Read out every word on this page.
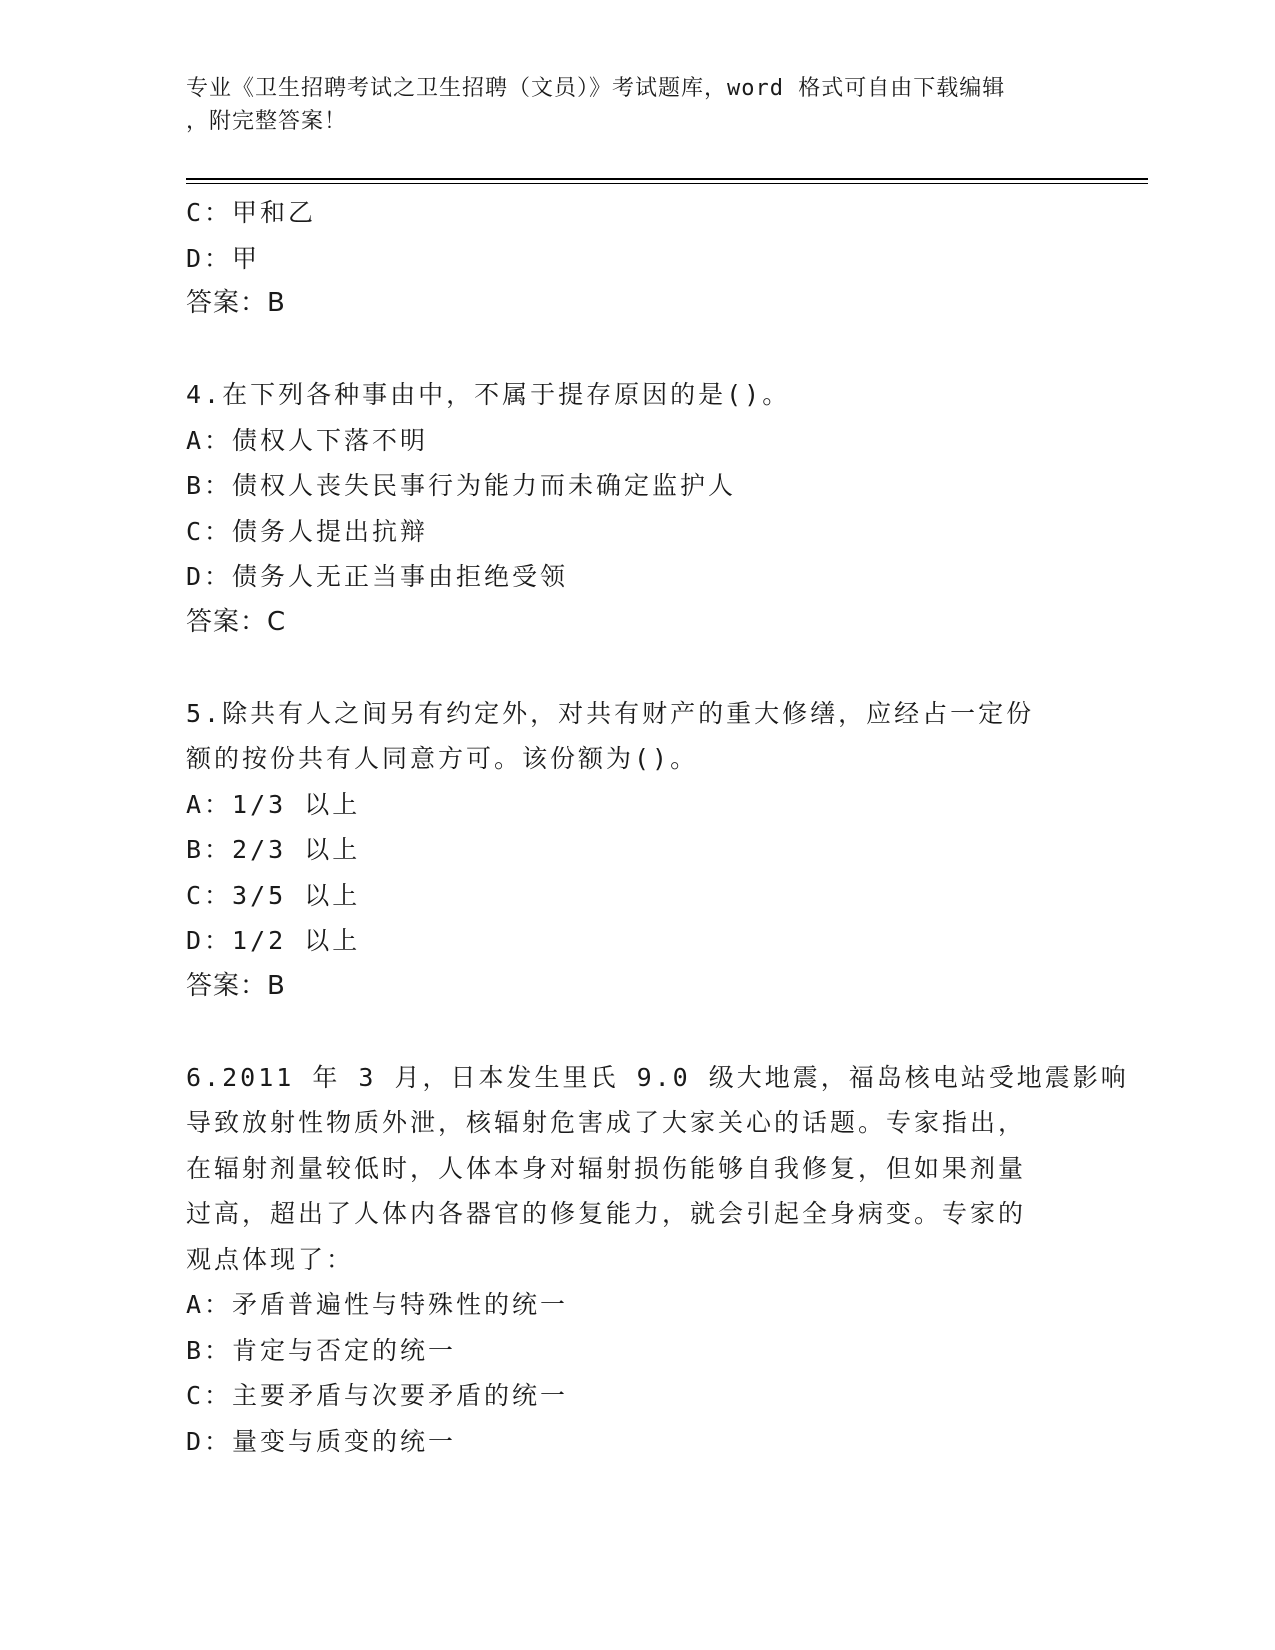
专业《卫生招聘考试之卫生招聘（文员）》考试题库，word 格式可自由下载编辑
，附完整答案！
C：甲和乙
D：甲
答案：B
4.在下列各种事由中，不属于提存原因的是()。
A：债权人下落不明
B：债权人丧失民事行为能力而未确定监护人
C：债务人提出抗辩
D：债务人无正当事由拒绝受领
答案：C
5.除共有人之间另有约定外，对共有财产的重大修缮，应经占一定份
额的按份共有人同意方可。该份额为()。
A：1/3 以上
B：2/3 以上
C：3/5 以上
D：1/2 以上
答案：B
6.2011 年 3 月，日本发生里氏 9.0 级大地震，福岛核电站受地震影响
导致放射性物质外泄，核辐射危害成了大家关心的话题。专家指出，
在辐射剂量较低时，人体本身对辐射损伤能够自我修复，但如果剂量
过高，超出了人体内各器官的修复能力，就会引起全身病变。专家的
观点体现了：
A：矛盾普遍性与特殊性的统一
B：肯定与否定的统一
C：主要矛盾与次要矛盾的统一
D：量变与质变的统一
